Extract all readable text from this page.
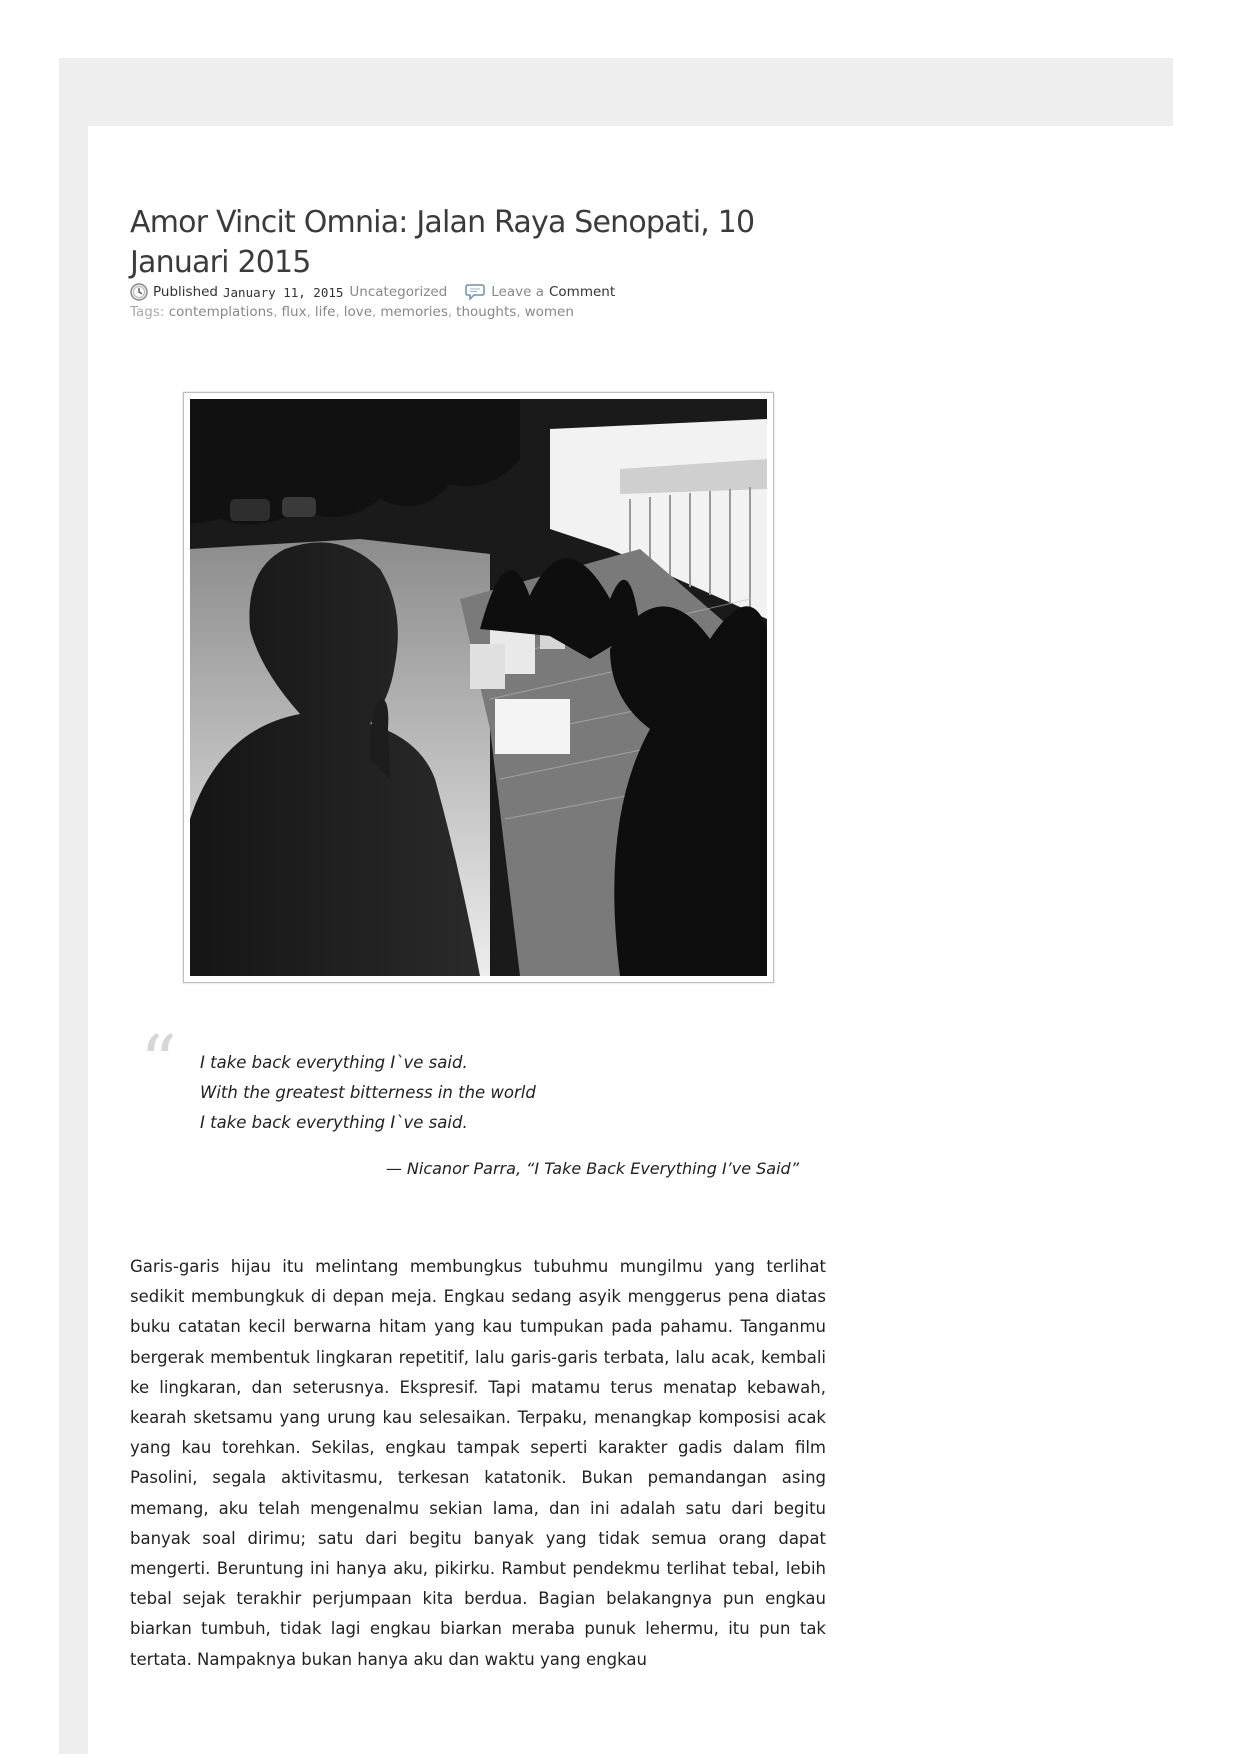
Amor Vincit Omnia: Jalan Raya Senopati, 10 Januari 2015
Published January 11, 2015 Uncategorized	Leave a Comment
Tags: contemplations, flux, life, love, memories, thoughts, women
“ I take back everything I`ve said.
With the greatest bitterness in the world
I take back everything I`ve said.
— Nicanor Parra, “I Take Back Everything I’ve Said”

Garis-garis hijau itu melintang membungkus tubuhmu mungilmu yang terlihat sedikit membungkuk di depan meja. Engkau sedang asyik menggerus pena diatas buku catatan kecil berwarna hitam yang kau tumpukan pada pahamu. Tanganmu bergerak membentuk lingkaran repetitif, lalu garis-garis terbata, lalu acak, kembali ke lingkaran, dan seterusnya. Ekspresif. Tapi matamu terus menatap kebawah, kearah sketsamu yang urung kau selesaikan. Terpaku, menangkap komposisi acak yang kau torehkan. Sekilas, engkau tampak seperti karakter gadis dalam film Pasolini, segala aktivitasmu, terkesan katatonik. Bukan pemandangan asing memang, aku telah mengenalmu sekian lama, dan ini adalah satu dari begitu banyak soal dirimu; satu dari begitu banyak yang tidak semua orang dapat mengerti. Beruntung ini hanya aku, pikirku. Rambut pendekmu terlihat tebal, lebih tebal sejak terakhir perjumpaan kita berdua. Bagian belakangnya pun engkau biarkan tumbuh, tidak lagi engkau biarkan meraba punuk lehermu, itu pun tak tertata. Nampaknya bukan hanya aku dan waktu yang engkau
